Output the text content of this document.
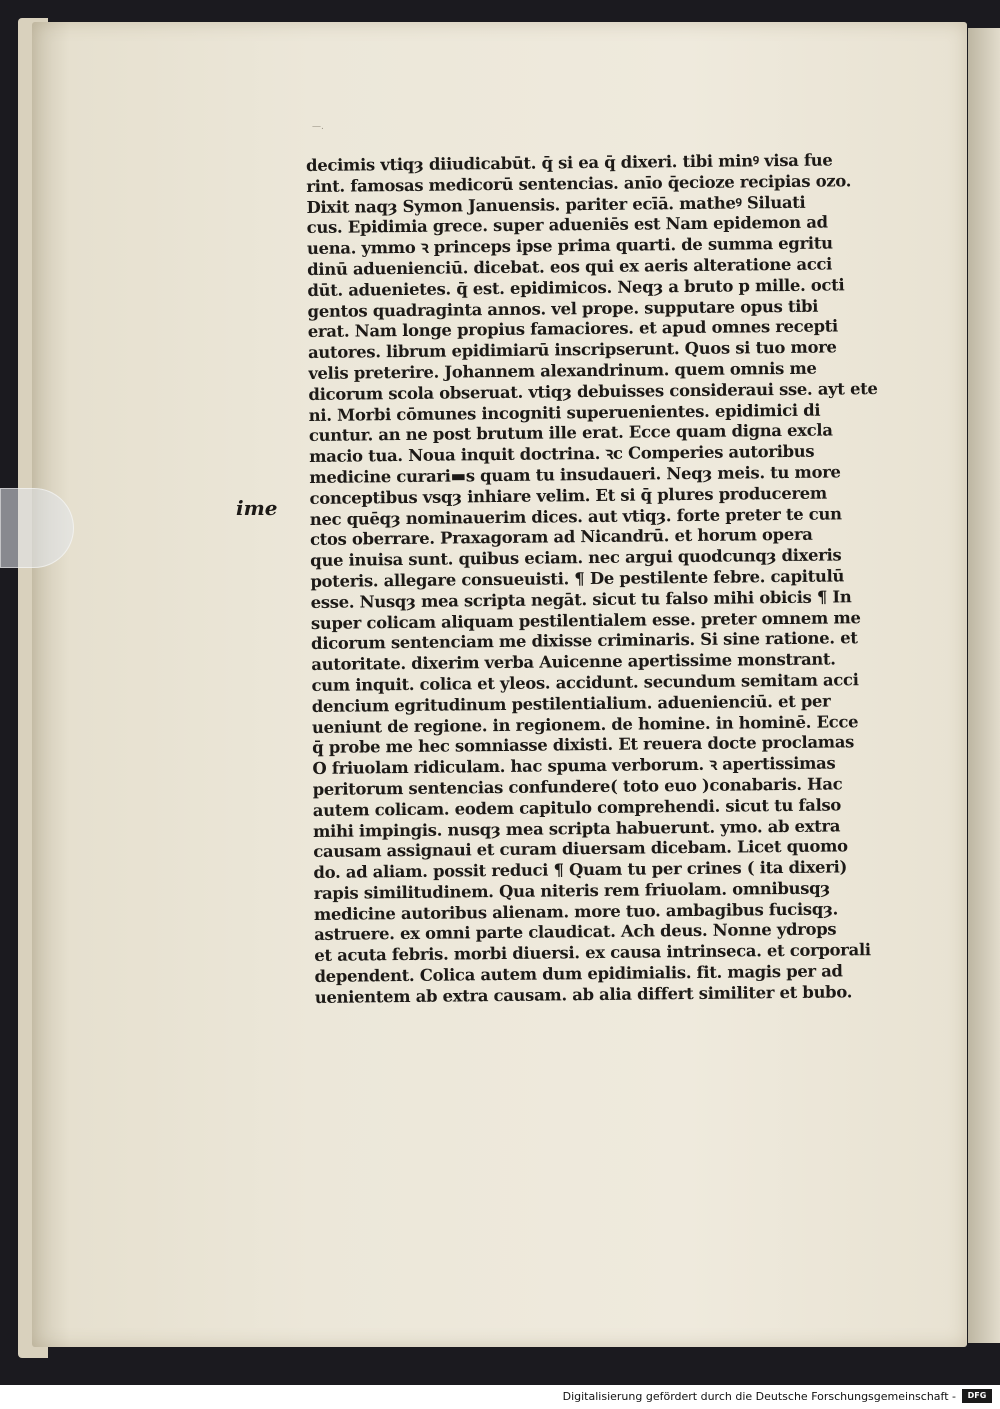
—.
ime
decimis vtiqȝ diiudicabūt. q̄ si ea q̄ dixeri. tibi minꝰ visa fue
rint. famosas medicorū sentencias. anīo q̄ecioze recipias ozo.
Dixit naqȝ Symon Januensis. pariter ecīā. matheꝰ Siluati
cus. Epidimia grece. super adueniēs est Nam epidemon ad
uena. ymmo ꝛ princeps ipse prima quarti. de summa egritu
dinū aduenienciū. dicebat. eos qui ex aeris alteratione acci
dūt. aduenietes. q̄ est. epidimicos. Neqȝ a bruto p mille. octi
gentos quadraginta annos. vel prope. supputare opus tibi
erat. Nam longe propius famaciores. et apud omnes recepti
autores. librum epidimiarū inscripserunt. Quos si tuo more
velis preterire. Johannem alexandrinum. quem omnis me
dicorum scola obseruat. vtiqȝ debuisses consideraui sse. ayt ete
ni. Morbi cōmunes incogniti superuenientes. epidimici di
cuntur. an ne post brutum ille erat. Ecce quam digna excla
macio tua. Noua inquit doctrina. ꝛc Comperies autoribus
medicine curari▬s quam tu insudaueri. Neqȝ meis. tu more
conceptibus vsqȝ inhiare velim. Et si q̄ plures producerem
nec quēqȝ nominauerim dices. aut vtiqȝ. forte preter te cun
ctos oberrare. Praxagoram ad Nicandrū. et horum opera
que inuisa sunt. quibus eciam. nec argui quodcunqȝ dixeris
poteris. allegare consueuisti. ¶ De pestilente febre. capitulū
esse. Nusqȝ mea scripta negāt. sicut tu falso mihi obicis ¶ In
super colicam aliquam pestilentialem esse. preter omnem me
dicorum sentenciam me dixisse criminaris. Si sine ratione. et
autoritate. dixerim verba Auicenne apertissime monstrant.
cum inquit. colica et yleos. accidunt. secundum semitam acci
dencium egritudinum pestilentialium. aduenienciū. et per
ueniunt de regione. in regionem. de homine. in hominē. Ecce
q̄ probe me hec somniasse dixisti. Et reuera docte proclamas
O friuolam ridiculam. hac spuma verborum. ꝛ apertissimas
peritorum sentencias confundere( toto euo )conabaris. Hac
autem colicam. eodem capitulo comprehendi. sicut tu falso
mihi impingis. nusqȝ mea scripta habuerunt. ymo. ab extra
causam assignaui et curam diuersam dicebam. Licet quomo
do. ad aliam. possit reduci ¶ Quam tu per crines ( ita dixeri)
rapis similitudinem. Qua niteris rem friuolam. omnibusqȝ
medicine autoribus alienam. more tuo. ambagibus fucisqȝ.
astruere. ex omni parte claudicat. Ach deus. Nonne ydrops
et acuta febris. morbi diuersi. ex causa intrinseca. et corporali
dependent. Colica autem dum epidimialis. fit. magis per ad
uenientem ab extra causam. ab alia differt similiter et bubo.
Digitalisierung gefördert durch die Deutsche Forschungsgemeinschaft -	DFG
